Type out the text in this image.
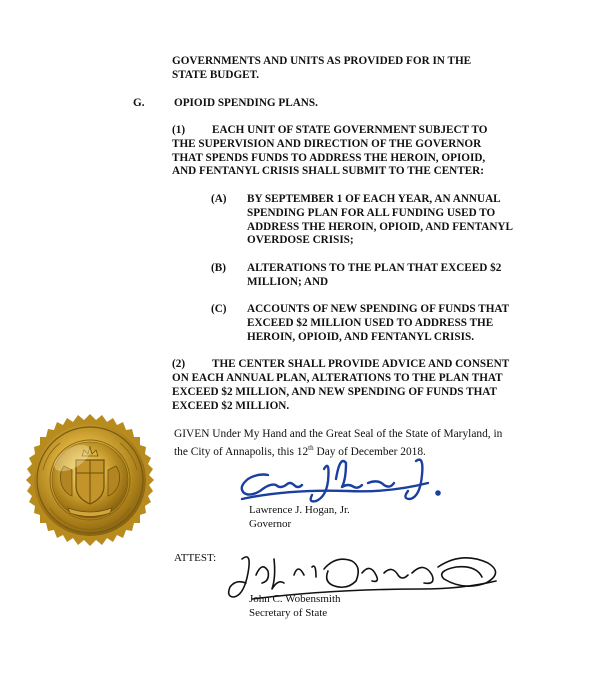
GOVERNMENTS AND UNITS AS PROVIDED FOR IN THE
STATE BUDGET.
G.	OPIOID SPENDING PLANS.
(1) EACH UNIT OF STATE GOVERNMENT SUBJECT TO
THE SUPERVISION AND DIRECTION OF THE GOVERNOR
THAT SPENDS FUNDS TO ADDRESS THE HEROIN, OPIOID,
AND FENTANYL CRISIS SHALL SUBMIT TO THE CENTER:
(A) BY SEPTEMBER 1 OF EACH YEAR, AN ANNUAL
SPENDING PLAN FOR ALL FUNDING USED TO
ADDRESS THE HEROIN, OPIOID, AND FENTANYL
OVERDOSE CRISIS;
(B) ALTERATIONS TO THE PLAN THAT EXCEED $2
MILLION; AND
(C) ACCOUNTS OF NEW SPENDING OF FUNDS THAT
EXCEED $2 MILLION USED TO ADDRESS THE
HEROIN, OPIOID, AND FENTANYL CRISIS.
(2) THE CENTER SHALL PROVIDE ADVICE AND CONSENT
ON EACH ANNUAL PLAN, ALTERATIONS TO THE PLAN THAT
EXCEED $2 MILLION, AND NEW SPENDING OF FUNDS THAT
EXCEED $2 MILLION.
GIVEN Under My Hand and the Great Seal of the State of Maryland, in
the City of Annapolis, this 12th Day of December 2018.
Lawrence J. Hogan, Jr.
Governor
ATTEST:
John C. Wobensmith
Secretary of State
